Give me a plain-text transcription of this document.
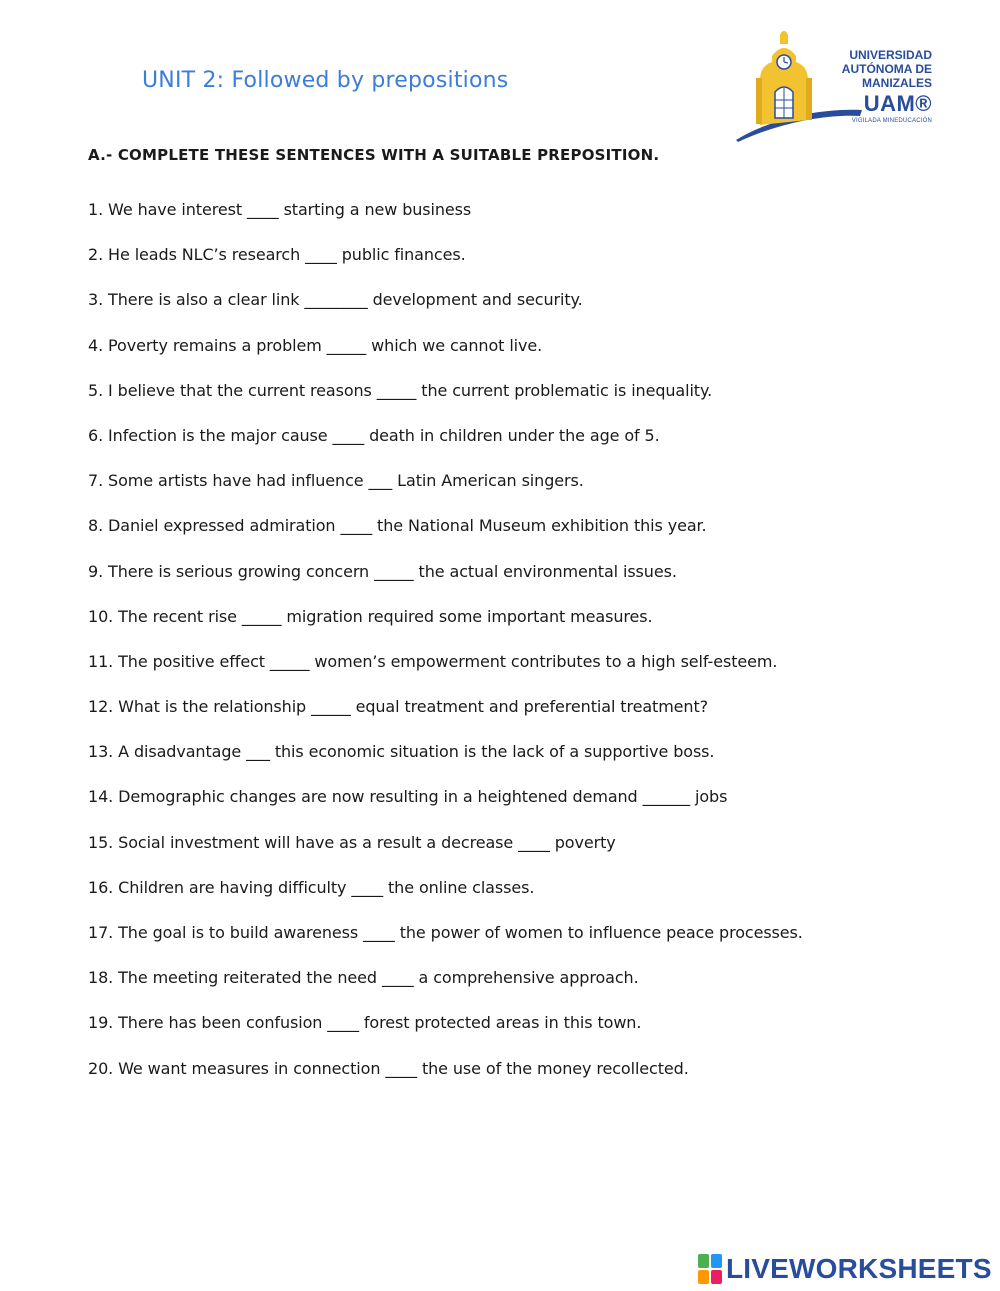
UNIT 2: Followed by prepositions
UNIVERSIDAD
AUTÓNOMA DE
MANIZALES
UAM®
VIGILADA MINEDUCACIÓN
A.- COMPLETE THESE SENTENCES WITH A SUITABLE PREPOSITION.
1. We have interest ____ starting a new business
2. He leads NLC’s research ____ public finances.
3. There is also a clear link ________ development and security.
4. Poverty remains a problem _____ which we cannot live.
5. I believe that the current reasons _____ the current problematic is inequality.
6. Infection is the major cause ____ death in children under the age of 5.
7. Some artists have had influence ___ Latin American singers.
8. Daniel expressed admiration ____ the National Museum exhibition this year.
9. There is serious growing concern _____ the actual environmental issues.
10. The recent rise _____ migration required some important measures.
11. The positive effect _____ women’s empowerment contributes to a high self-esteem.
12. What is the relationship _____ equal treatment and preferential treatment?
13. A disadvantage ___ this economic situation is the lack of a supportive boss.
14. Demographic changes are now resulting in a heightened demand ______ jobs
15. Social investment will have as a result a decrease ____ poverty
16. Children are having difficulty ____ the online classes.
17. The goal is to build awareness ____ the power of women to influence peace processes.
18. The meeting reiterated the need ____ a comprehensive approach.
19. There has been confusion ____ forest protected areas in this town.
20. We want measures in connection ____ the use of the money recollected.
LIVEWORKSHEETS
